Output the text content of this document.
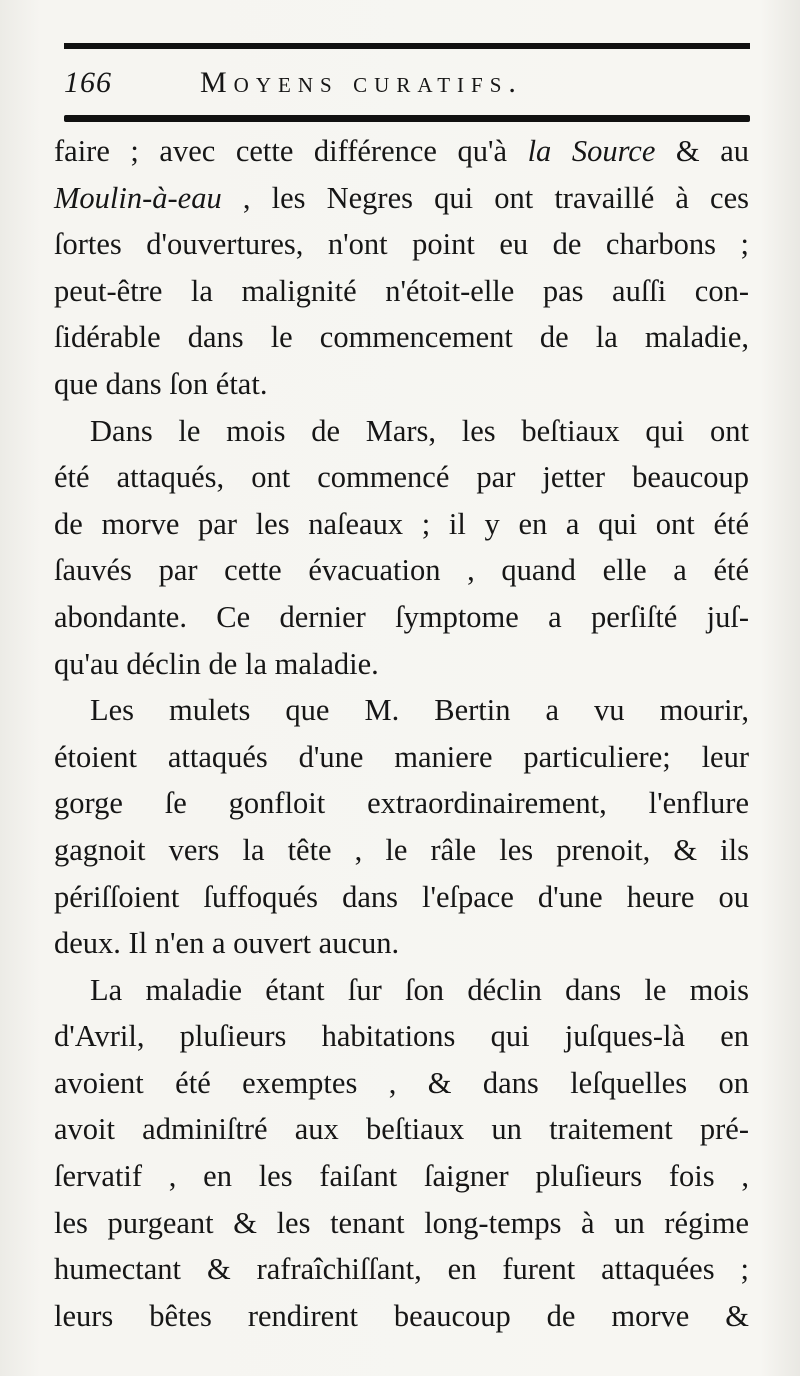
166	Moyens curatifs.
faire ; avec cette différence qu'à la Source & au
Moulin-à-eau , les Negres qui ont travaillé à ces
ſortes d'ouvertures, n'ont point eu de charbons ;
peut-être la malignité n'étoit-elle pas auſſi con-
ſidérable dans le commencement de la maladie,
que dans ſon état.
Dans le mois de Mars, les beſtiaux qui ont
été attaqués, ont commencé par jetter beaucoup
de morve par les naſeaux ; il y en a qui ont été
ſauvés par cette évacuation , quand elle a été
abondante. Ce dernier ſymptome a perſiſté juſ-
qu'au déclin de la maladie.
Les mulets que M. Bertin a vu mourir,
étoient attaqués d'une maniere particuliere; leur
gorge ſe gonfloit extraordinairement, l'enflure
gagnoit vers la tête , le râle les prenoit, & ils
périſſoient ſuffoqués dans l'eſpace d'une heure ou
deux. Il n'en a ouvert aucun.
La maladie étant ſur ſon déclin dans le mois
d'Avril, pluſieurs habitations qui juſques-là en
avoient été exemptes , & dans leſquelles on
avoit adminiſtré aux beſtiaux un traitement pré-
ſervatif , en les faiſant ſaigner pluſieurs fois ,
les purgeant & les tenant long-temps à un régime
humectant & rafraîchiſſant, en furent attaquées ;
leurs bêtes rendirent beaucoup de morve &
